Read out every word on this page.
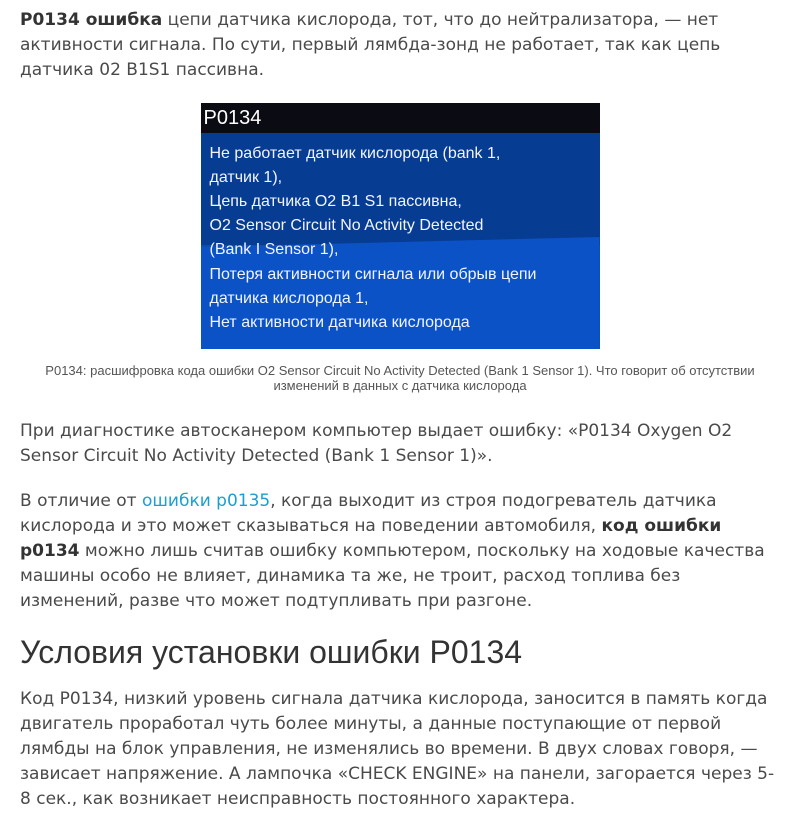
P0134 ошибка цепи датчика кислорода, тот, что до нейтрализатора, — нет активности сигнала. По сути, первый лямбда-зонд не работает, так как цепь датчика 02 B1S1 пассивна.

P0134
Не работает датчик кислорода (bank 1,
датчик 1),
Цепь датчика O2 B1 S1 пассивна,
O2 Sensor Circuit No Activity Detected
(Bank I Sensor 1),
Потеря активности сигнала или обрыв цепи
датчика кислорода 1,
Нет активности датчика кислорода
P0134: расшифровка кода ошибки O2 Sensor Circuit No Activity Detected (Bank 1 Sensor 1). Что говорит об отсутствии изменений в данных с датчика кислорода

При диагностике автосканером компьютер выдает ошибку: «P0134 Oxygen O2 Sensor Circuit No Activity Detected (Bank 1 Sensor 1)».

В отличие от ошибки p0135, когда выходит из строя подогреватель датчика кислорода и это может сказываться на поведении автомобиля, код ошибки p0134 можно лишь считав ошибку компьютером, поскольку на ходовые качества машины особо не влияет, динамика та же, не троит, расход топлива без изменений, разве что может подтупливать при разгоне.

Условия установки ошибки P0134

Код P0134, низкий уровень сигнала датчика кислорода, заносится в память когда двигатель проработал чуть более минуты, а данные поступающие от первой лямбды на блок управления, не изменялись во времени. В двух словах говоря, — зависает напряжение. А лампочка «CHECK ENGINE» на панели, загорается через 5-8 сек., как возникает неисправность постоянного характера.
